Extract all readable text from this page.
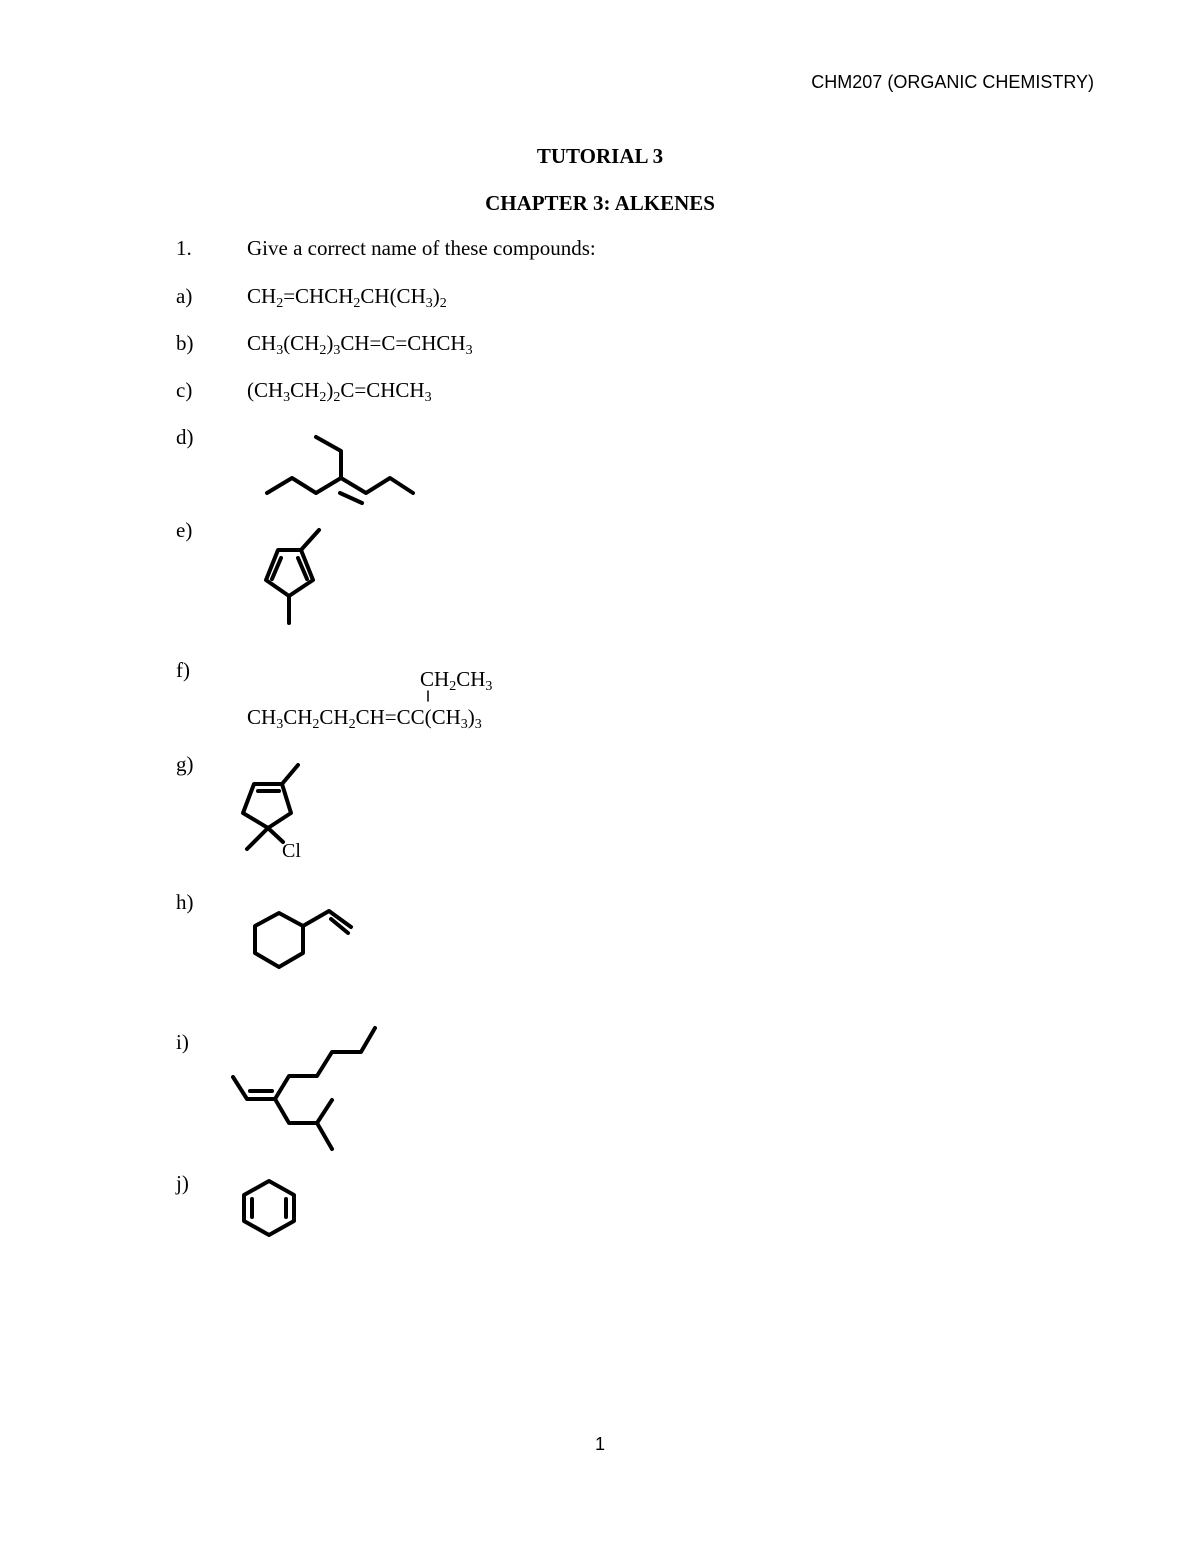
CHM207 (ORGANIC CHEMISTRY)
TUTORIAL 3
CHAPTER 3: ALKENES
1.	Give a correct name of these compounds:
a)	$CH_2=CHCH_2CH(CH_3)_2$
b)	$CH_3(CH_2)_3CH=C=CHCH_3$
c)	$(CH_3CH_2)_2C=CHCH_3$
d)
e)
f)	$CH_2CH_3$
$CH_3CH_2CH_2CH=CC(CH_3)_3$
g)
Cl
h)
i)
j)
1
